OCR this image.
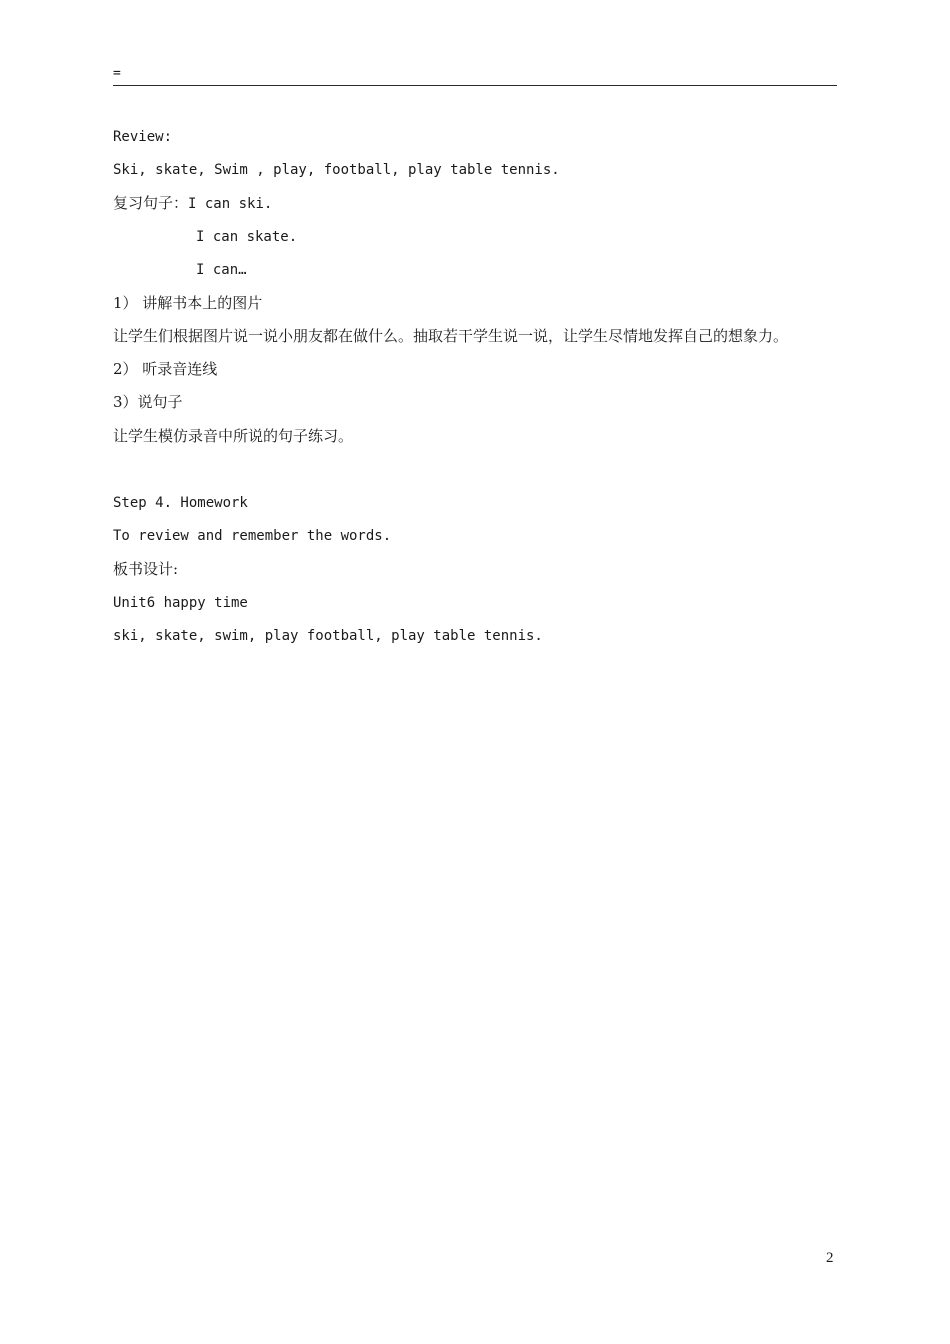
=
Review:
Ski, skate, Swim , play, football, play table tennis.
复习句子：I can ski.
I can skate.
I can…
1） 讲解书本上的图片
让学生们根据图片说一说小朋友都在做什么。抽取若干学生说一说，让学生尽情地发挥自己的想象力。
2） 听录音连线
3）说句子
让学生模仿录音中所说的句子练习。
Step 4. Homework
To review and remember the words.
板书设计:
Unit6 happy time
ski, skate, swim, play football, play table tennis.
2
